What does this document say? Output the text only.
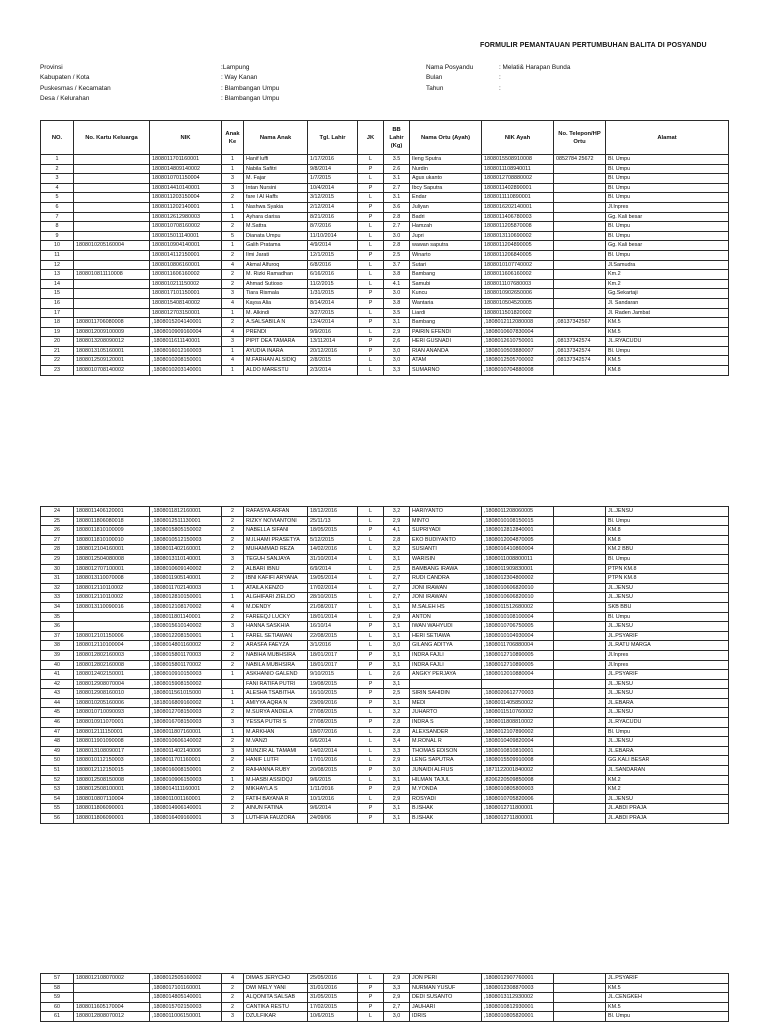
FORMULIR PEMANTAUAN PERTUMBUHAN BALITA DI POSYANDU
Provinsi	:Lampung
Kabupaten / Kota	: Way Kanan
Puskesmas / Kecamatan	: Blambangan Umpu
Desa / Kelurahan	: Blambangan Umpu
Nama Posyandu	: Melati& Harapan Bunda
Bulan	:
Tahun	:
NO.	No. Kartu Keluarga	NIK	Anak Ke	Nama Anak	Tgl. Lahir	JK	BB Lahir (Kg)	Nama Ortu (Ayah)	NIK Ayah	No. Telepon/HP Ortu	Alamat
1		1808011701160001	1	Hanif luffi	1/17/2016	L	3.5	Ileng Sputra	1808015508910008	0852784 25672	Bl. Umpu
2		1808014809140002	1	Nabila Safitri	9/8/2014	P	2.6	Nurdin	1808011108940011		Bl. Umpu
3		1808010701150004	3	M. Fajar	1/7/2015	L	3.1	Agus ukanto	1808012708880002		Bl. Umpu
4		1808014410140001	3	Intan Nursini	10/4/2014	P	2.7	Ibcy Saputra	1808011402890001		Bl. Umpu
5		1808011203150004	2	fare l Al Haffs	3/12/2015	L	3.1	Endar	1808011110890001		Bl. Umpu
6		1808011202140001	1	Nashwa Syakia	2/12/2014	P	3.6	Juliyan	1808016202140001		Jl.Inpres
7		1808012612980003	1	Ayhara clarisa	8/21/2016	P	2.8	Badri	1808011406780003		Gg. Kali besar
8		1808010708160002	2	M.Sattra	8/7/2016	L	2.7	Hamzah	1808011205870008		Bl. Umpu
9		1808015011140001	5	Dianata Umpu	11/10/2014	L	3.0	Jupri	1808013110690002		Bl. Umpu
10	1808010205160004	1808010904140001	1	Galih Pratama	4/9/2014	L	2.8	wawan saputra	1808011204890005		Gg. Kali besar
11		1808014112150001	2	Ilmi Jarati	12/1/2015	P	2.5	Winarto	1808011206840005		Bl. Umpu
12		1808010806160001	4	Akmal Alfuroq	6/8/2016	L	3.7	Sutari	1808010107740002		Jl.Samudra
13	1808010811110008	1808011606160002	2	M. Rizki Ramadhan	6/16/2016	L	3.8	Bambang	1808011606160002		Km.2
14		1808010211150002	2	Ahmad Sutioso	11/2/2015	L	4.1	Samubi	1808011107680003		Km.2
15		1808017101150001	3	Tiara Rismala	1/31/2015	P	3.0	Kuncu	1808010902650006		Gg.Sekartaji
16		1808015408140002	4	Kaysa Alia	8/14/2014	P	3.8	Wantaria	1808010504520005		Jl. Sandaran
17		1808012703150001	1	M. Alkindi	3/27/2015	L	3.5	Liardi	1808011501820002		Jl. Raden Jambat
18	1808011706080008	,1808015204140001	2	A.SALSABILA N	12/4/2014	P	3,1	Bambang	,1808012112080008	,08137342567	KM.5
19	1808012009100009	,1808010909160004	4	PRENDI	9/9/2016	L	2,9	PAIRIN EFENDI	,1808010607830004		KM.5
20	1808013208090012	,1808011611140001	3	PIPIT DEA TAMARA	13/112014	P	2,6	HERI GUSNADI	,1808012610750001	,08137342574	JL.RYACUDU
21	1808013105160001	,1808016012160003	1	AYUDIA INARA	20/12/2016	P	3,0	RIAN ANANDA	,1808010503880007	,08137342574	Bl. Umpu
22	1808012509120001	,1808010208150001	4	M.FARHAN ALSIDIQ	2/8/2015	L	3,0	ATAM	,1808012505700002	,08137342574	KM.5
23	1808010708140002	,1808010203140001	1	ALDO MARESTU	2/3/2014	L	3,3	SUMARNO	,1808010704880008		KM.8
24	1808011406120001	,1808011812160001	2	RAFASYA ARFAN	18/12/2016	L	3,2	HARIYANTO	,1808011208060005		JL.JENSU
25	1808011806080018	,1808012511130001	2	RIZKY NOVIANTONI	25/11/13	L	2,9	MINTO	,1808010108150015		Bl. Umpu
26	1808011810100009	,1808015805150002	2	NABELLA SIFANI	18/05/2015	P	4,1	SUPRIYADI	,1808012812840001		KM.8
27	1808011810100010	,1808010512150003	2	M.ILHAMI PRASETYA	5/12/2015	L	2,8	EKO BUDIYANTO	,1808012004870005		KM.8
28	1808012104160001	,1808011402160001	2	MUHAMMAD REZA	14/02/2016	L	3,2	SUSIANTI	,1808016410860004		KM.2 BBU
29	1808012504080008	,1808013110140001	3	TEGUH SANJAYA	31/10/2014	L	3,1	WARISIN	,1808011008800011		Bl. Umpu
30	1808012707100001	,1808010609140002	2	ALBARI IBNU	6/9/2014	L	2,5	BAMBANG IRAWA	,1808011909830001		PTPN KM.8
31	1808013110070008	,1808011905140001	2	IBNI KAFIFI ARYANA	19/05/2014	L	2,7	RUDI CANDRA	,1808012304800002		PTPN KM.8
32	1808012110110002	,1808011702140003	1	ATAILA KENZO	17/02/2014	L	2,7	JONI IRAWAN	,1808010606820010		JL.JENSU
33	1808012110110002	,1808012810150001	1	ALGHIFARI ZIELDO	28/10/2015	L	2,7	JONI IRAWAN	,1808010606820010		JL.JENSU
34	1808013110090016	,1808012108170002	4	M.DENDY	21/08/2017	L	3,1	M.SALEH HS	,1808011512680002		SKB BBU
35		,1808011801140001	2	FAREEQJ LUCKY	18/01/2014	L	2,9	ANTON	,1808010108100004		Bl. Umpu
36		,1808015610140002	3	HANNA SASKHIA	16/10/14	P	3,1	IWAN WAHYUDI	,1808010706750005		JL.JENSU
37	1808012101150006	,1808012208150001	1	FAREL SETIAWAN	22/08/2015	L	3,1	HERI SETIAWA	,1808010104930004		JL.PSYARIF
38	1808012110100004	,1808014801160002	2	ARASFA FAEYZA	3/1/2016	L	3,0	GILANG ADITYA	,1808011706880004		JL.RATU MARGA
39	1808012802160003	,1808015801170003	2	NABIHA MUBHSIRA	18/01/2017	P	3,1	INDRA FAJLI	,1808012710890005		Jl.Inpres
40	1808012802160008	,1808015801170002	2	NABILA MUBHSIRA	18/01/2017	P	3,1	INDRA FAJLI	,1808012710890005		Jl.Inpres
41	1808012402150001	,1808010910150003	1	ASKHANIO GALEND	9/10/2015	L	2,6	ANGKY PERJAYA	,1808012010880004		JL.PSYARIF
42	1808012908070004	,1808015908150002		FANI RATIFA PUTRI	19/08/2015	P	3,1				JL.JENSU
43	1808012908160010	,1808011561015000	1	ALESHA TSABITHA	16/10/2015	P	2,5	SIRIN SAHIDIN	,1808020612770003		JL.JENSU
44	1808010205160006	,1818016809160002	1	AMIYYA AQRA N	23/09/2016	P	3,1	MEDI	,1808011405850002		JL.EBARA
45	1808010710090093	,1808012708150003	2	M.SURYA ANDELA	27/08/2015	L	3,2	JUHARTO	,1808011510760002		JL.JENSU
46	1808010911070001	,1808016708150003	3	YESSA PUTRI S	27/08/2015	P	2,8	INDRA S	,1808011808810002		JL.RYACUDU
47	1808012111150001	,1808011807160001	1	M.ARKHAN	18/07/2016	L	2,8	ALEXSANDER	,1808012107890002		Bl. Umpu
48	1808011901090008	,1808010606140002	2	M.VANZI	6/6/2014	L	3,4	M.RONAL R	,1808010409820004		JL.JENSU
49	1808013108090017	,1808011402140006	3	MUNZIR AL TAMAMI	14/02/2014	L	3,3	THOMAS EDISON	,1808010810810001		JL.EBARA
50	1808010112150003	,1808011701160001	2	HANIF LUTFI	17/01/2016	L	2,9	LENG SAPUTRA	,1808015509910008		GG.KALI BESAR
51	1808012112150015	,1808016008150001	2	RAIHANNA RUBY	20/08/2015	P	3,0	JUNAIDI ALFIUS	,1871122001840002		JL.SANDARAN
52	1808012508150008	,1808010906150003	1	M.HASBI ASSIDQJ	9/6/2015	L	3,1	HILMAN TAJUL	,8206220509850008		KM.2
53	1808012508100001	,1808014111160001	2	MIKHAYLA S	1/11/2016	P	2,9	M.YONDA	,1808010805800003		KM.2
54	1808010807110004	,1808011001160001	2	FATIH BAYANA R	10/1/2016	L	2,9	ROSYADI	,1808010705820006		JL.JENSU
55	1808011806090001	,1808014906140001	2	AINUN FATINA	9/6/2014	P	3,1	B.ISHAK	,1808012711800001		JL.ABDI PRAJA
56	1808011806090001	,1808016409160001	3	LUTHFIA FAUZORA	24/09/06	P	3,1	B.ISHAK	,1808012711800001		JL.ABDI PRAJA
57	1808012108070002	,1808012505160002	4	DIMAS JERYCHO	25/05/2016	L	2,9	JON PERI	,1808012907760001		JL.PSYARIF
58		,1808017101160001	2	DWI MELY YANI	31/01/2016	P	3,3	NURMAN YUSUF	,1808012308870003		KM.5
59		,1808014805140001	2	ALQONITA SALSAB	31/05/2015	P	2,9	DEDI SUSANTO	,1808013112930002		JL.CENGKEH
60	1808011605170004	,1808015702150003	2	CANTIKA RESTU	17/02/2015	P	2,7	JAUHARI	,1808010812930001		KM.5
61	1808012808070012	,1808011006150001	3	DZULFIKAR	10/6/2015	L	3,0	IDRIS	,1808010805820001		Bl. Umpu
